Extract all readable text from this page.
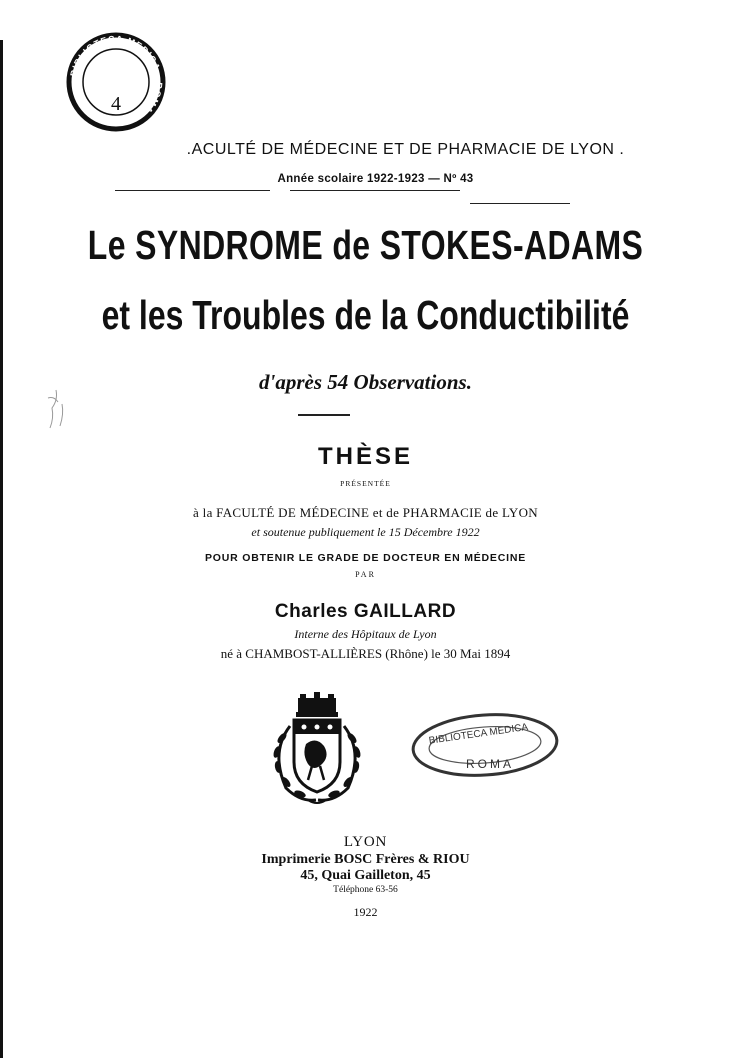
BIBLIOTECA MEDICA · ROMA ·
4
.ACULTÉ DE MÉDECINE ET DE PHARMACIE DE LYON .
Année scolaire 1922-1923 — Nº 43
Le SYNDROME de STOKES-ADAMS
et les Troubles de la Conductibilité
d'après 54 Observations.
THÈSE
PRÉSENTÉE
à la FACULTÉ DE MÉDECINE et de PHARMACIE de LYON
et soutenue publiquement le 15 Décembre 1922
POUR OBTENIR LE GRADE DE DOCTEUR EN MÉDECINE
PAR
Charles GAILLARD
Interne des Hôpitaux de Lyon
né à CHAMBOST-ALLIÈRES (Rhône) le 30 Mai 1894
BIBLIOTECA MEDICA
ROMA
LYON
Imprimerie BOSC Frères & RIOU
45, Quai Gailleton, 45
Téléphone 63-56
1922
